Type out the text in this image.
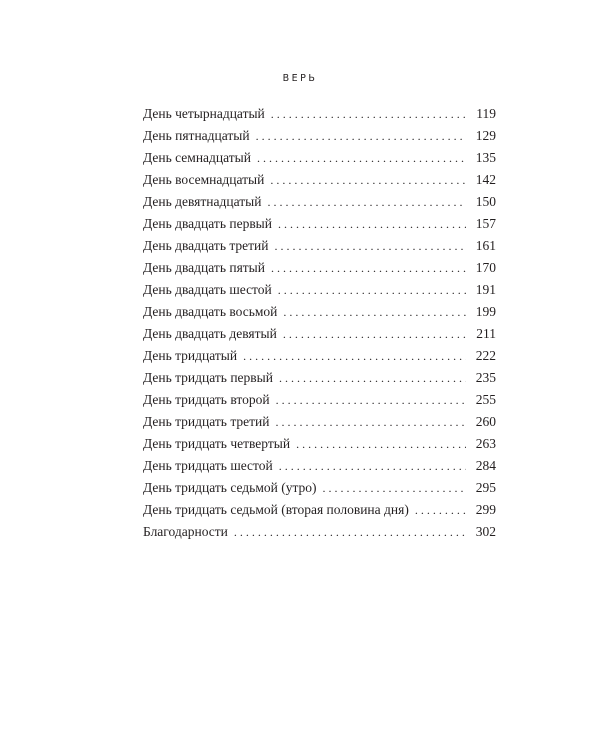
ВЕРЬ
День четырнадцатый . . .	119
День пятнадцатый . . .	129
День семнадцатый . . .	135
День восемнадцатый . . .	142
День девятнадцатый . . .	150
День двадцать первый . . .	157
День двадцать третий . . .	161
День двадцать пятый . . .	170
День двадцать шестой . . .	191
День двадцать восьмой . . .	199
День двадцать девятый . . .	211
День тридцатый . . .	222
День тридцать первый . . .	235
День тридцать второй . . .	255
День тридцать третий . . .	260
День тридцать четвертый . . .	263
День тридцать шестой . . .	284
День тридцать седьмой (утро) . . .	295
День тридцать седьмой (вторая половина дня) . . .	299
Благодарности . . .	302
